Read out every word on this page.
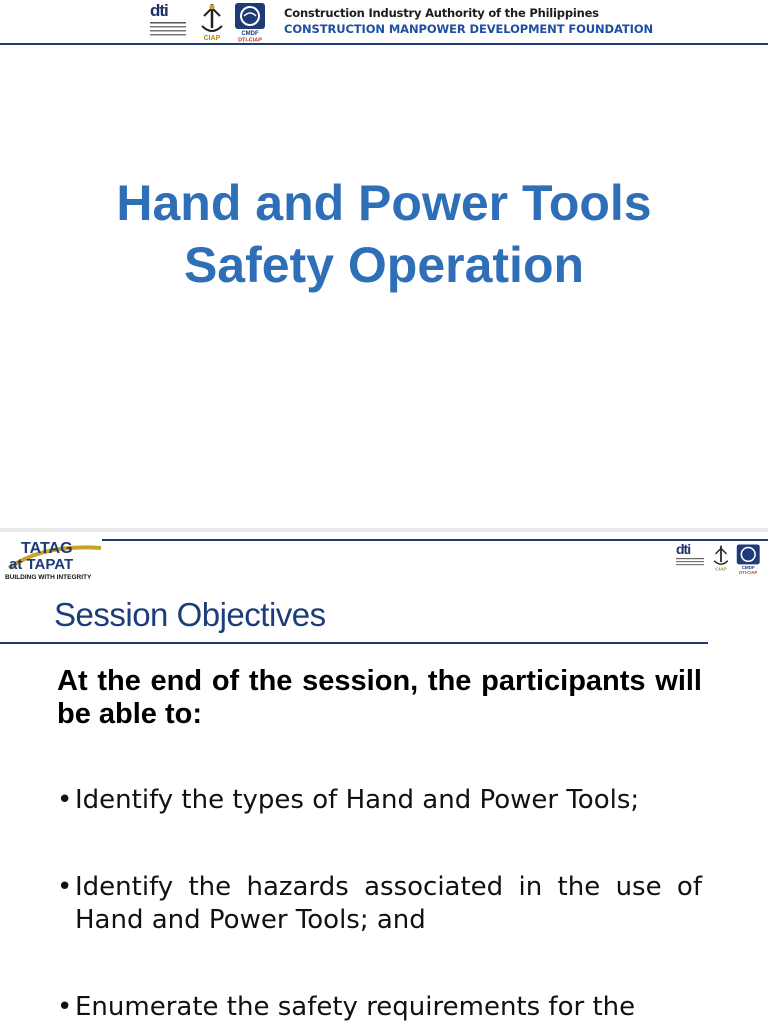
dti
CIAP
CMDF
DTI-CIAP
Construction Industry Authority of the Philippines
CONSTRUCTION MANPOWER DEVELOPMENT FOUNDATION
Hand and Power Tools
Safety Operation
TATAG
at TAPAT
BUILDING WITH INTEGRITY
dti
CIAP CMDF
DTI-CIAP
Session Objectives
At the end of the session, the participants will be able to:
• Identify the types of Hand and Power Tools;
• Identify the hazards associated in the use of Hand and Power Tools; and
• Enumerate the safety requirements for the
